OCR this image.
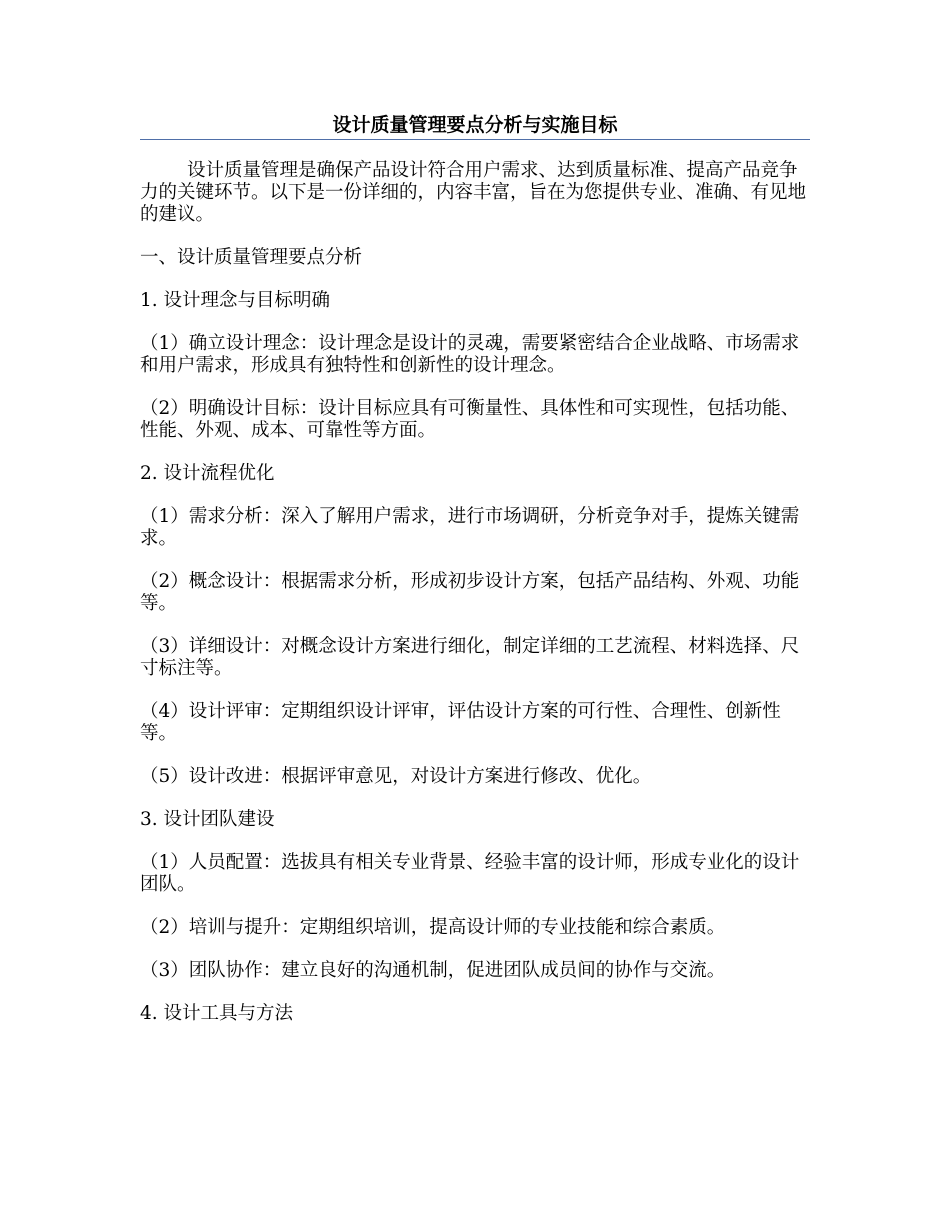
设计质量管理要点分析与实施目标

设计质量管理是确保产品设计符合用户需求、达到质量标准、提高产品竞争力的关键环节。以下是一份详细的，内容丰富，旨在为您提供专业、准确、有见地的建议。

一、设计质量管理要点分析

1. 设计理念与目标明确

（1）确立设计理念：设计理念是设计的灵魂，需要紧密结合企业战略、市场需求和用户需求，形成具有独特性和创新性的设计理念。

（2）明确设计目标：设计目标应具有可衡量性、具体性和可实现性，包括功能、性能、外观、成本、可靠性等方面。

2. 设计流程优化

（1）需求分析：深入了解用户需求，进行市场调研，分析竞争对手，提炼关键需求。

（2）概念设计：根据需求分析，形成初步设计方案，包括产品结构、外观、功能等。

（3）详细设计：对概念设计方案进行细化，制定详细的工艺流程、材料选择、尺寸标注等。

（4）设计评审：定期组织设计评审，评估设计方案的可行性、合理性、创新性等。

（5）设计改进：根据评审意见，对设计方案进行修改、优化。

3. 设计团队建设

（1）人员配置：选拔具有相关专业背景、经验丰富的设计师，形成专业化的设计团队。

（2）培训与提升：定期组织培训，提高设计师的专业技能和综合素质。

（3）团队协作：建立良好的沟通机制，促进团队成员间的协作与交流。

4. 设计工具与方法
